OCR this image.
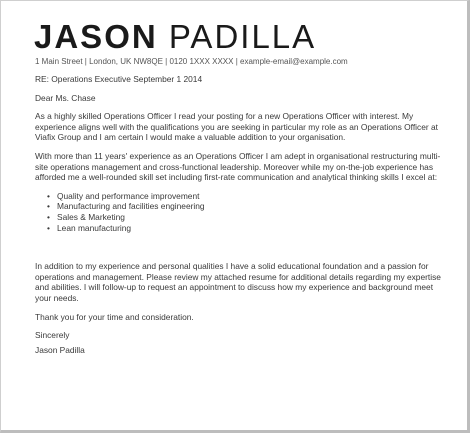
JASON PADILLA
1 Main Street | London, UK NW8QE | 0120 1XXX XXXX | example-email@example.com

RE: Operations Executive September 1 2014

Dear Ms. Chase

As a highly skilled Operations Officer I read your posting for a new Operations Officer with interest. My experience aligns well with the qualifications you are seeking in particular my role as an Operations Officer at Viafix Group and I am certain I would make a valuable addition to your organisation.

With more than 11 years' experience as an Operations Officer I am adept in organisational restructuring multi-site operations management and cross-functional leadership. Moreover while my on-the-job experience has afforded me a well-rounded skill set including first-rate communication and analytical thinking skills I excel at:

• Quality and performance improvement
• Manufacturing and facilities engineering
• Sales & Marketing
• Lean manufacturing

In addition to my experience and personal qualities I have a solid educational foundation and a passion for operations and management. Please review my attached resume for additional details regarding my expertise and abilities. I will follow-up to request an appointment to discuss how my experience and background meet your needs.

Thank you for your time and consideration.

Sincerely

Jason Padilla
